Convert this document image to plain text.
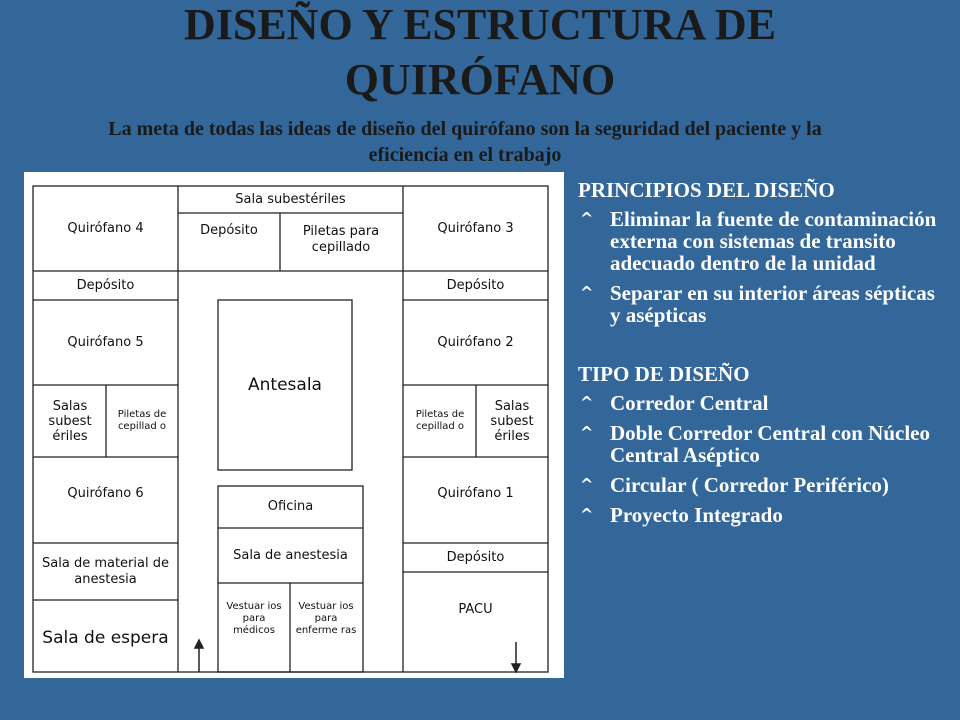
DISEÑO Y ESTRUCTURA DE
QUIRÓFANO
La meta de todas las ideas de diseño del quirófano son la seguridad del paciente y la eficiencia en el trabajo
Quirófano 4
Sala subestériles
Depósito	Piletas para cepillado
Quirófano 3
Depósito	Depósito
Quirófano 5	Quirófano 2
Antesala
Salas subest ériles
Piletas de cepillad o
Piletas de cepillad o
Salas subest ériles
Quirófano 6	Quirófano 1
Oficina
Sala de material de anestesia
Sala de anestesia	Depósito
Sala de espera
Vestuar ios para médicos
Vestuar ios para enferme ras
PACU

PRINCIPIOS DEL DISEÑO

^ Eliminar la fuente de contaminación externa con sistemas de transito adecuado dentro de la unidad
^ Separar en su interior áreas sépticas y asépticas

TIPO DE DISEÑO

^ Corredor Central
^ Doble Corredor Central con Núcleo Central Aséptico
^ Circular ( Corredor Periférico)
^ Proyecto Integrado
